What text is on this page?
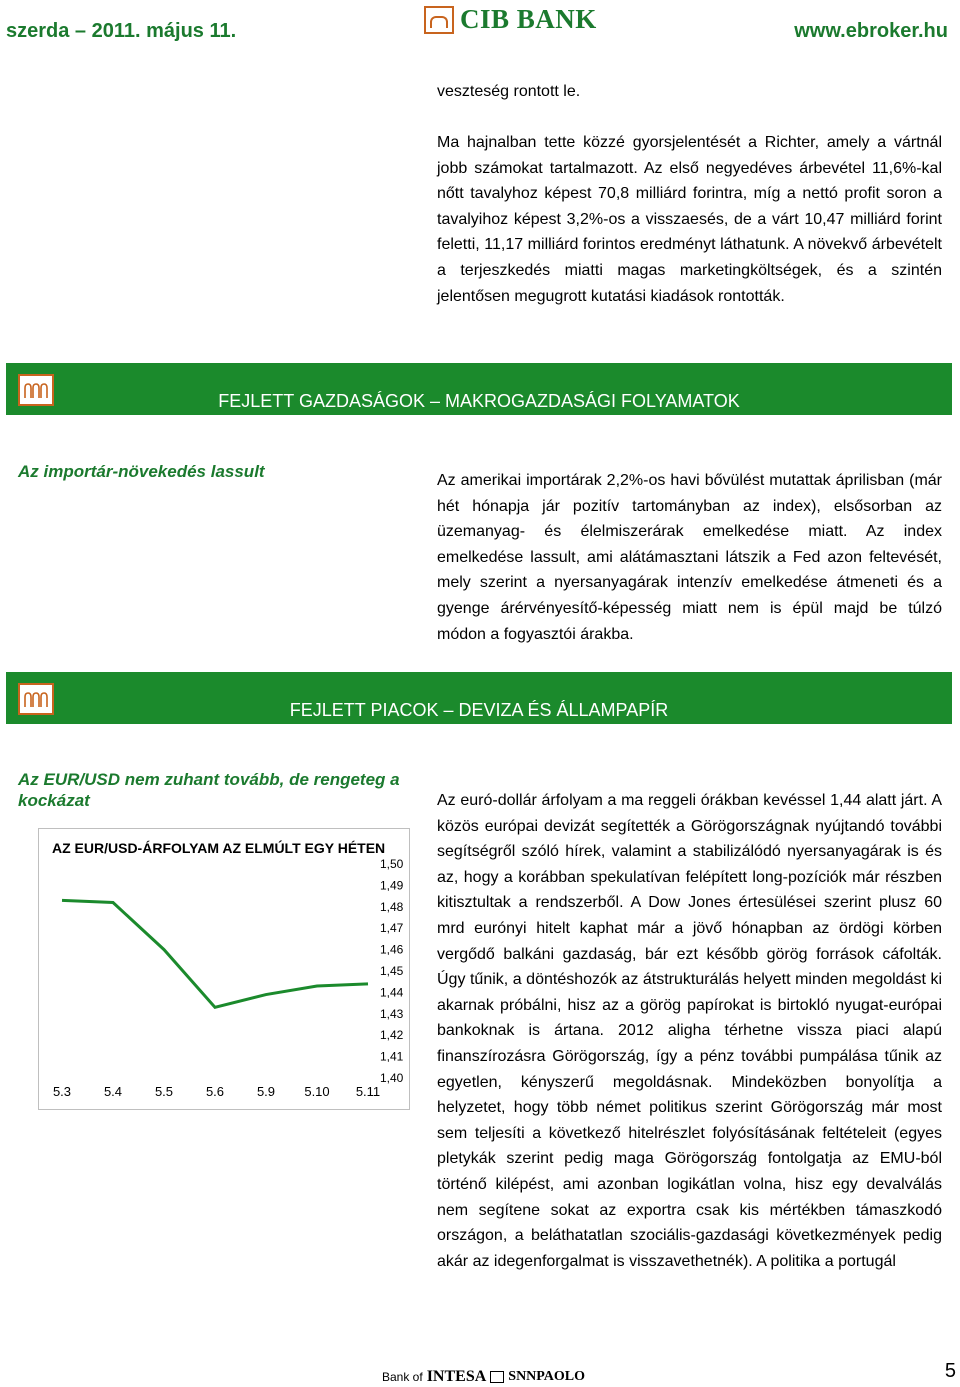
szerda – 2011. május 11.	CIB BANK	www.ebroker.hu
veszteség rontott le.
Ma hajnalban tette közzé gyorsjelentését a Richter, amely a vártnál jobb számokat tartalmazott. Az első negyedéves árbevétel 11,6%-kal nőtt tavalyhoz képest 70,8 milliárd forintra, míg a nettó profit soron a tavalyihoz képest 3,2%-os a visszaesés, de a várt 10,47 milliárd forint feletti, 11,17 milliárd forintos eredményt láthatunk. A növekvő árbevételt a terjeszkedés miatti magas marketingköltségek, és a szintén jelentősen megugrott kutatási kiadások rontották.
FEJLETT GAZDASÁGOK – MAKROGAZDASÁGI FOLYAMATOK
Az importár-növekedés lassult	Az amerikai importárak 2,2%-os havi bővülést mutattak áprilisban (már hét hónapja jár pozitív tartományban az index), elsősorban az üzemanyag- és élelmiszerárak emelkedése miatt. Az index emelkedése lassult, ami alátámasztani látszik a Fed azon feltevését, mely szerint a nyersanyagárak intenzív emelkedése átmeneti és a gyenge árérvényesítő-képesség miatt nem is épül majd be túlzó módon a fogyasztói árakba.
FEJLETT PIACOK – DEVIZA ÉS ÁLLAMPAPÍR
Az EUR/USD nem zuhant tovább, de rengeteg a kockázat
AZ EUR/USD-ÁRFOLYAM AZ ELMÚLT EGY HÉTEN
1,50
1,49
1,48
1,47
1,46
1,45
1,44
1,43
1,42
1,41
1,40
5.3	5.4	5.5	5.6	5.9 5.10 5.11
Az euró-dollár árfolyam a ma reggeli órákban kevéssel 1,44 alatt járt. A közös európai devizát segítették a Görögországnak nyújtandó további segítségről szóló hírek, valamint a stabilizálódó nyersanyagárak is és az, hogy a korábban spekulatívan felépített long-pozíciók már részben kitisztultak a rendszerből. A Dow Jones értesülései szerint plusz 60 mrd eurónyi hitelt kaphat már a jövő hónapban az ördögi körben vergődő balkáni gazdaság, bár ezt később görög források cáfolták. Úgy tűnik, a döntéshozók az átstrukturálás helyett minden megoldást ki akarnak próbálni, hisz az a görög papírokat is birtokló nyugat-európai bankoknak is ártana. 2012 aligha térhetne vissza piaci alapú finanszírozásra Görögország, így a pénz további pumpálása tűnik az egyetlen, kényszerű megoldásnak. Mindeközben bonyolítja a helyzetet, hogy több német politikus szerint Görögország már most sem teljesíti a következő hitelrészlet folyósításának feltételeit (egyes pletykák szerint pedig maga Görögország fontolgatja az EMU-ból történő kilépést, ami azonban logikátlan volna, hisz egy devalválás nem segítene sokat az exportra csak kis mértékben támaszkodó országon, a beláthatatlan szociális-gazdasági következmények pedig akár az idegenforgalmat is visszavethetnék). A politika a portugál
Bank of INTESA SNNPAOLO	5
